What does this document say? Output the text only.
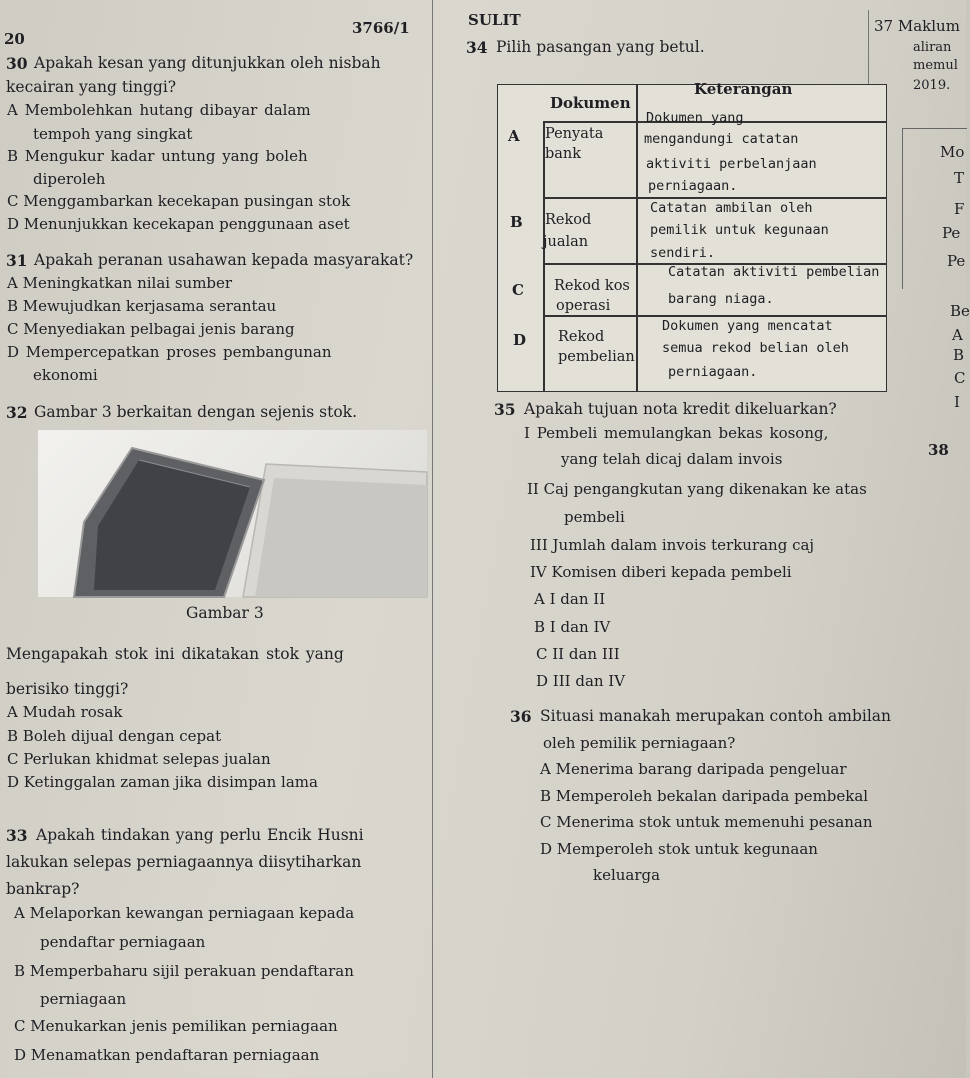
20
3766/1	SULIT
30 Apakah kesan yang ditunjukkan oleh nisbah
kecairan yang tinggi?
A Membolehkan hutang dibayar dalam
tempoh yang singkat
B Mengukur kadar untung yang boleh
diperoleh
C Menggambarkan kecekapan pusingan stok
D Menunjukkan kecekapan penggunaan aset
31 Apakah peranan usahawan kepada masyarakat?
A Meningkatkan nilai sumber
B Mewujudkan kerjasama serantau
C Menyediakan pelbagai jenis barang
D Mempercepatkan proses pembangunan
ekonomi
32 Gambar 3 berkaitan dengan sejenis stok.
Gambar 3
Mengapakah stok ini dikatakan stok yang
berisiko tinggi?
A Mudah rosak
B Boleh dijual dengan cepat
C Perlukan khidmat selepas jualan
D Ketinggalan zaman jika disimpan lama
33 Apakah tindakan yang perlu Encik Husni
lakukan selepas perniagaannya diisytiharkan
bankrap?
A Melaporkan kewangan perniagaan kepada
pendaftar perniagaan
B Memperbaharu sijil perakuan pendaftaran
perniagaan
C Menukarkan jenis pemilikan perniagaan
D Menamatkan pendaftaran perniagaan
34 Pilih pasangan yang betul.
Dokumen
Keterangan
A Penyata
bank
Dokumen yang
mengandungi catatan
aktiviti perbelanjaan
perniagaan.
B Rekod
jualan
Catatan ambilan oleh
pemilik untuk kegunaan
sendiri.
C Rekod kos
operasi
Catatan aktiviti pembelian
barang niaga.
D Rekod
pembelian
Dokumen yang mencatat
semua rekod belian oleh
perniagaan.
35 Apakah tujuan nota kredit dikeluarkan?
I Pembeli memulangkan bekas kosong,
yang telah dicaj dalam invois
II Caj pengangkutan yang dikenakan ke atas
pembeli
III Jumlah dalam invois terkurang caj
IV Komisen diberi kepada pembeli
A I dan II
B I dan IV
C II dan III
D III dan IV
36 Situasi manakah merupakan contoh ambilan
oleh pemilik perniagaan?
A Menerima barang daripada pengeluar
B Memperoleh bekalan daripada pembekal
C Menerima stok untuk memenuhi pesanan
D Memperoleh stok untuk kegunaan
keluarga
37 Maklum
aliran
memul
2019.
Mo
T
F
Pe
Pe
Be
A
B
C
I
38
